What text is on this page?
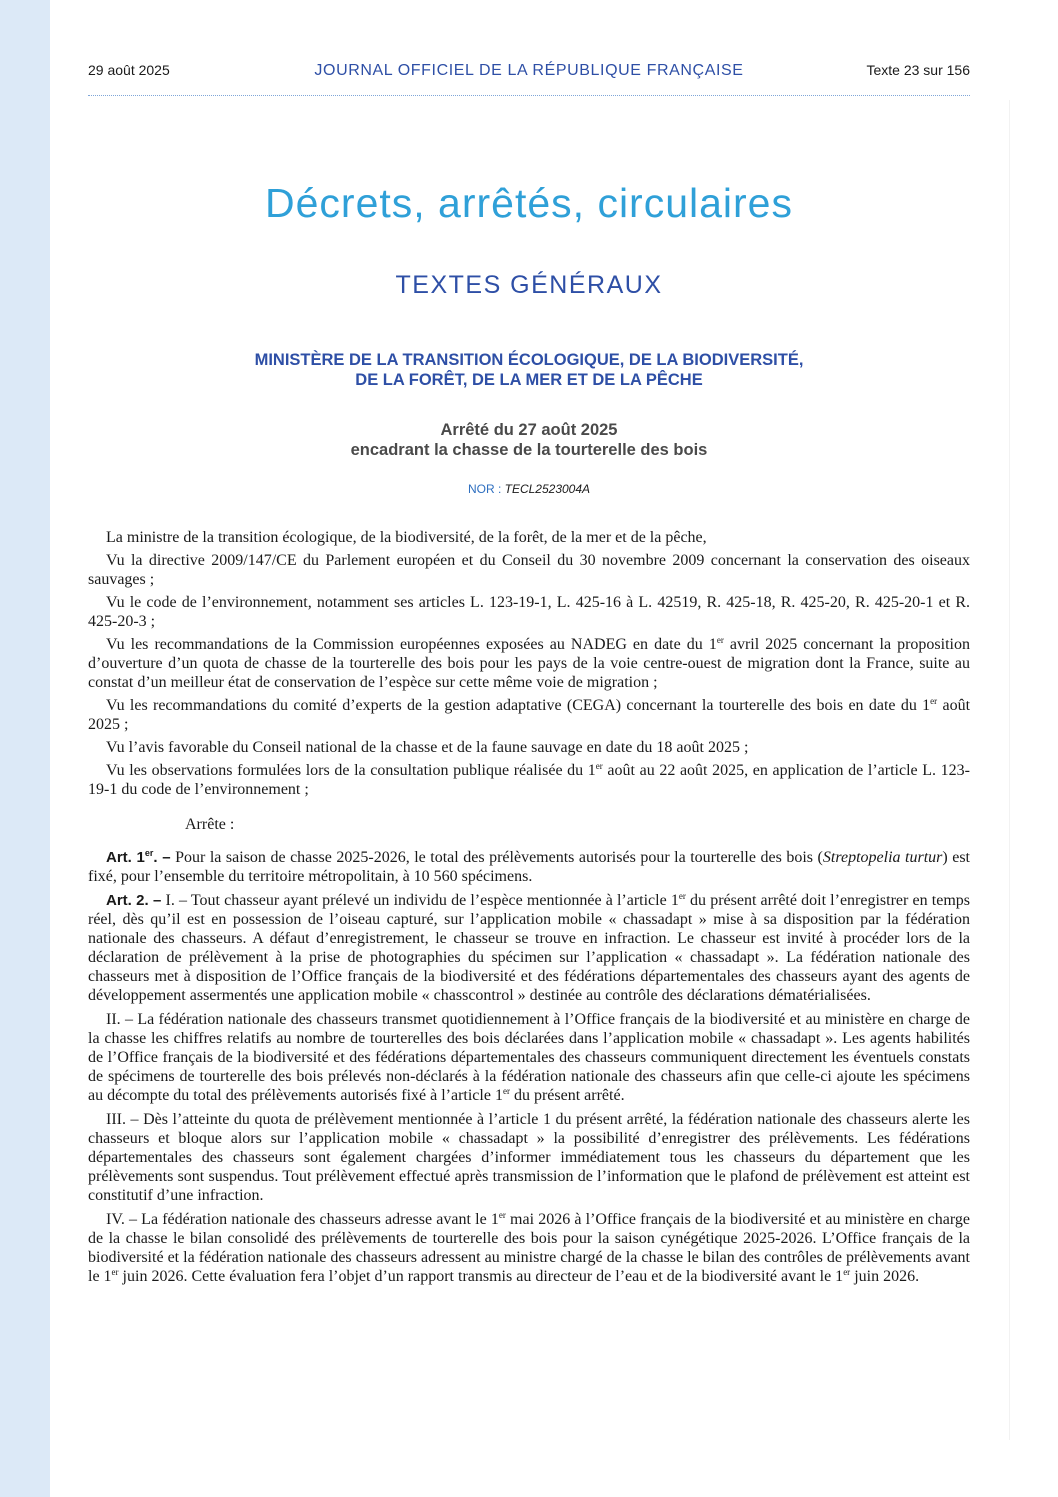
29 août 2025	JOURNAL OFFICIEL DE LA RÉPUBLIQUE FRANÇAISE	Texte 23 sur 156
Décrets, arrêtés, circulaires
TEXTES GÉNÉRAUX
MINISTÈRE DE LA TRANSITION ÉCOLOGIQUE, DE LA BIODIVERSITÉ,
DE LA FORÊT, DE LA MER ET DE LA PÊCHE
Arrêté du 27 août 2025
encadrant la chasse de la tourterelle des bois
NOR : TECL2523004A

La ministre de la transition écologique, de la biodiversité, de la forêt, de la mer et de la pêche,

Vu la directive 2009/147/CE du Parlement européen et du Conseil du 30 novembre 2009 concernant la conservation des oiseaux sauvages ;

Vu le code de l’environnement, notamment ses articles L. 123-19-1, L. 425-16 à L. 42519, R. 425-18, R. 425-20, R. 425-20-1 et R. 425-20-3 ;

Vu les recommandations de la Commission européennes exposées au NADEG en date du 1er avril 2025 concernant la proposition d’ouverture d’un quota de chasse de la tourterelle des bois pour les pays de la voie centre-ouest de migration dont la France, suite au constat d’un meilleur état de conservation de l’espèce sur cette même voie de migration ;

Vu les recommandations du comité d’experts de la gestion adaptative (CEGA) concernant la tourterelle des bois en date du 1er août 2025 ;

Vu l’avis favorable du Conseil national de la chasse et de la faune sauvage en date du 18 août 2025 ;

Vu les observations formulées lors de la consultation publique réalisée du 1er août au 22 août 2025, en application de l’article L. 123-19-1 du code de l’environnement ;

Arrête :

Art. 1er. – Pour la saison de chasse 2025-2026, le total des prélèvements autorisés pour la tourterelle des bois (Streptopelia turtur) est fixé, pour l’ensemble du territoire métropolitain, à 10 560 spécimens.

Art. 2. – I. – Tout chasseur ayant prélevé un individu de l’espèce mentionnée à l’article 1er du présent arrêté doit l’enregistrer en temps réel, dès qu’il est en possession de l’oiseau capturé, sur l’application mobile « chassadapt » mise à sa disposition par la fédération nationale des chasseurs. A défaut d’enregistrement, le chasseur se trouve en infraction. Le chasseur est invité à procéder lors de la déclaration de prélèvement à la prise de photographies du spécimen sur l’application « chassadapt ». La fédération nationale des chasseurs met à disposition de l’Office français de la biodiversité et des fédérations départementales des chasseurs ayant des agents de développement assermentés une application mobile « chasscontrol » destinée au contrôle des déclarations dématérialisées.

II. – La fédération nationale des chasseurs transmet quotidiennement à l’Office français de la biodiversité et au ministère en charge de la chasse les chiffres relatifs au nombre de tourterelles des bois déclarées dans l’application mobile « chassadapt ». Les agents habilités de l’Office français de la biodiversité et des fédérations départementales des chasseurs communiquent directement les éventuels constats de spécimens de tourterelle des bois prélevés non-déclarés à la fédération nationale des chasseurs afin que celle-ci ajoute les spécimens au décompte du total des prélèvements autorisés fixé à l’article 1er du présent arrêté.

III. – Dès l’atteinte du quota de prélèvement mentionnée à l’article 1 du présent arrêté, la fédération nationale des chasseurs alerte les chasseurs et bloque alors sur l’application mobile « chassadapt » la possibilité d’enregistrer des prélèvements. Les fédérations départementales des chasseurs sont également chargées d’informer immédiatement tous les chasseurs du département que les prélèvements sont suspendus. Tout prélèvement effectué après transmission de l’information que le plafond de prélèvement est atteint est constitutif d’une infraction.

IV. – La fédération nationale des chasseurs adresse avant le 1er mai 2026 à l’Office français de la biodiversité et au ministère en charge de la chasse le bilan consolidé des prélèvements de tourterelle des bois pour la saison cynégétique 2025-2026. L’Office français de la biodiversité et la fédération nationale des chasseurs adressent au ministre chargé de la chasse le bilan des contrôles de prélèvements avant le 1er juin 2026. Cette évaluation fera l’objet d’un rapport transmis au directeur de l’eau et de la biodiversité avant le 1er juin 2026.
